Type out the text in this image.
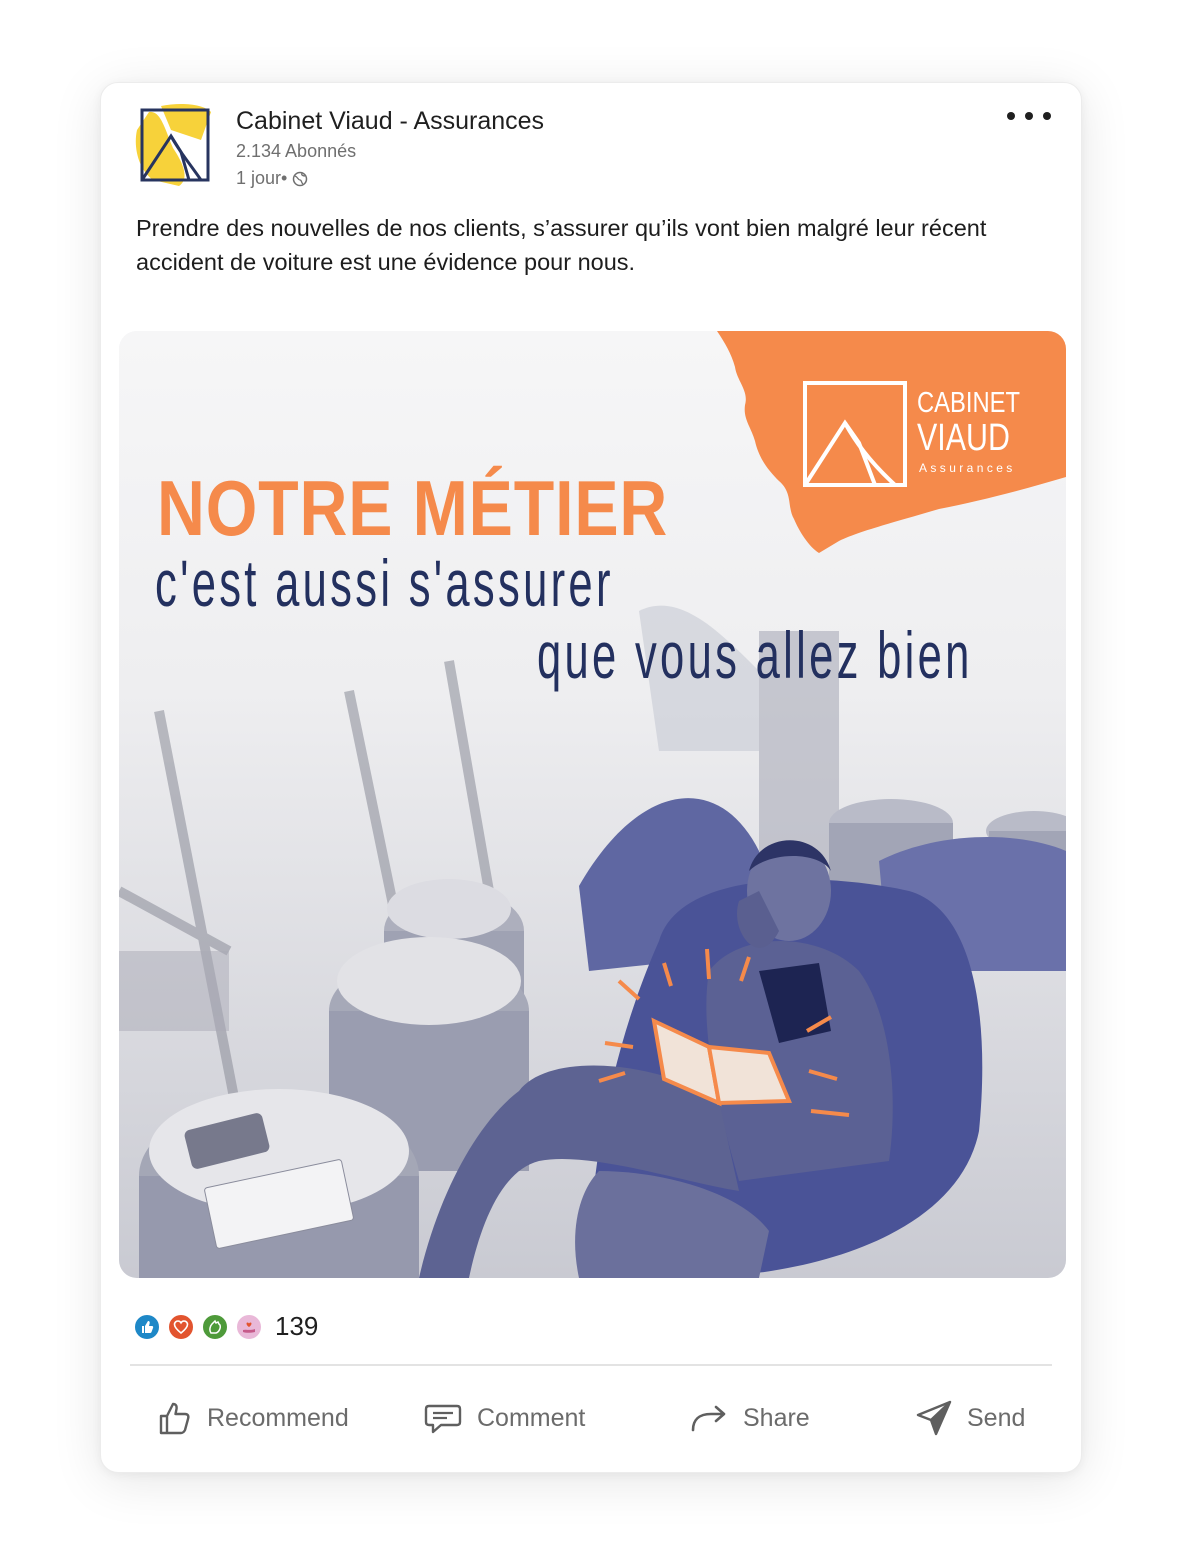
Cabinet Viaud - Assurances
2.134 Abonnés
1 jour•
Prendre des nouvelles de nos clients, s’assurer qu’ils vont bien malgré leur récent accident de voiture est une évidence pour nous.
NOTRE MÉTIER
c'est aussi s'assurer
que vous allez bien
CABINET
VIAUD
Assurances
139
Recommend	Comment	Share	Send
